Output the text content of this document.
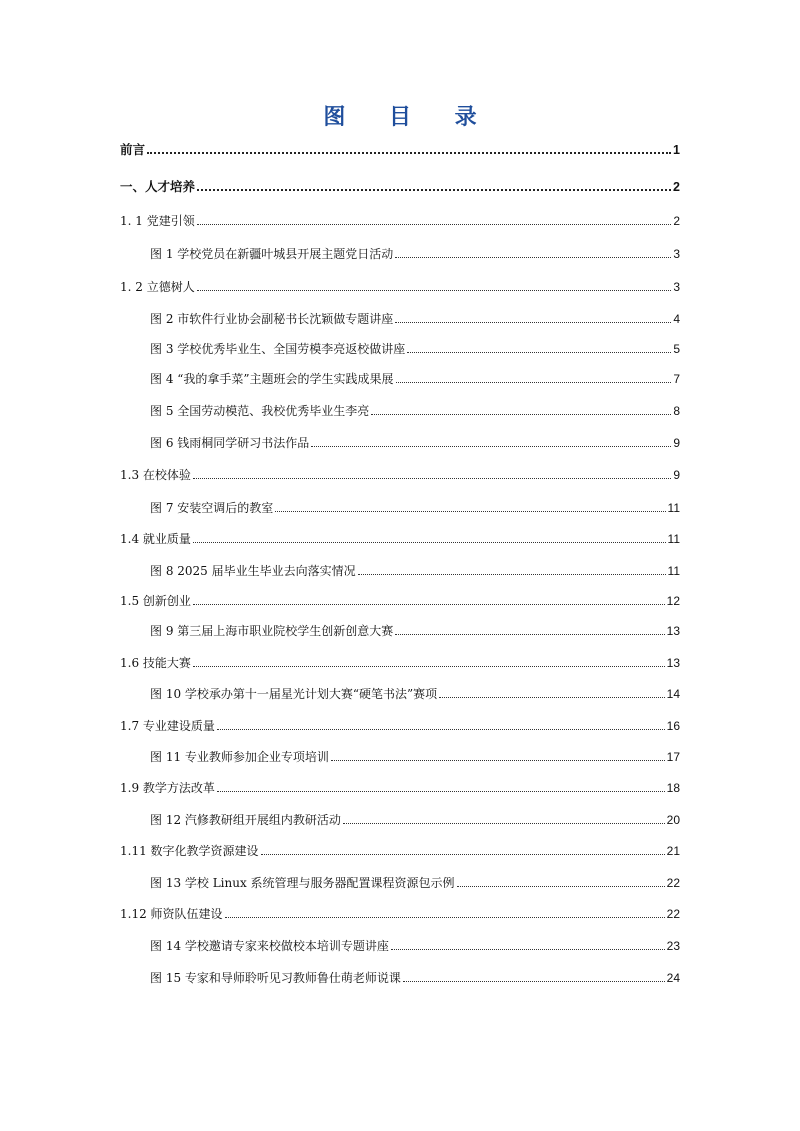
图 目 录
前言	1
一、人才培养	2
1. 1 党建引领	2
图 1 学校党员在新疆叶城县开展主题党日活动	3
1. 2 立德树人	3
图 2 市软件行业协会副秘书长沈颖做专题讲座	4
图 3 学校优秀毕业生、全国劳模李亮返校做讲座	5
图 4 “我的拿手菜”主题班会的学生实践成果展	7
图 5 全国劳动模范、我校优秀毕业生李亮	8
图 6 钱雨桐同学研习书法作品	9
1.3 在校体验	9
图 7 安装空调后的教室	11
1.4 就业质量	11
图 8 2025 届毕业生毕业去向落实情况	11
1.5 创新创业	12
图 9 第三届上海市职业院校学生创新创意大赛	13
1.6 技能大赛	13
图 10 学校承办第十一届星光计划大赛“硬笔书法”赛项	14
1.7 专业建设质量	16
图 11 专业教师参加企业专项培训	17
1.9 教学方法改革	18
图 12 汽修教研组开展组内教研活动	20
1.11 数字化教学资源建设	21
图 13 学校 Linux 系统管理与服务器配置课程资源包示例	22
1.12 师资队伍建设	22
图 14 学校邀请专家来校做校本培训专题讲座	23
图 15 专家和导师聆听见习教师鲁仕萌老师说课	24
